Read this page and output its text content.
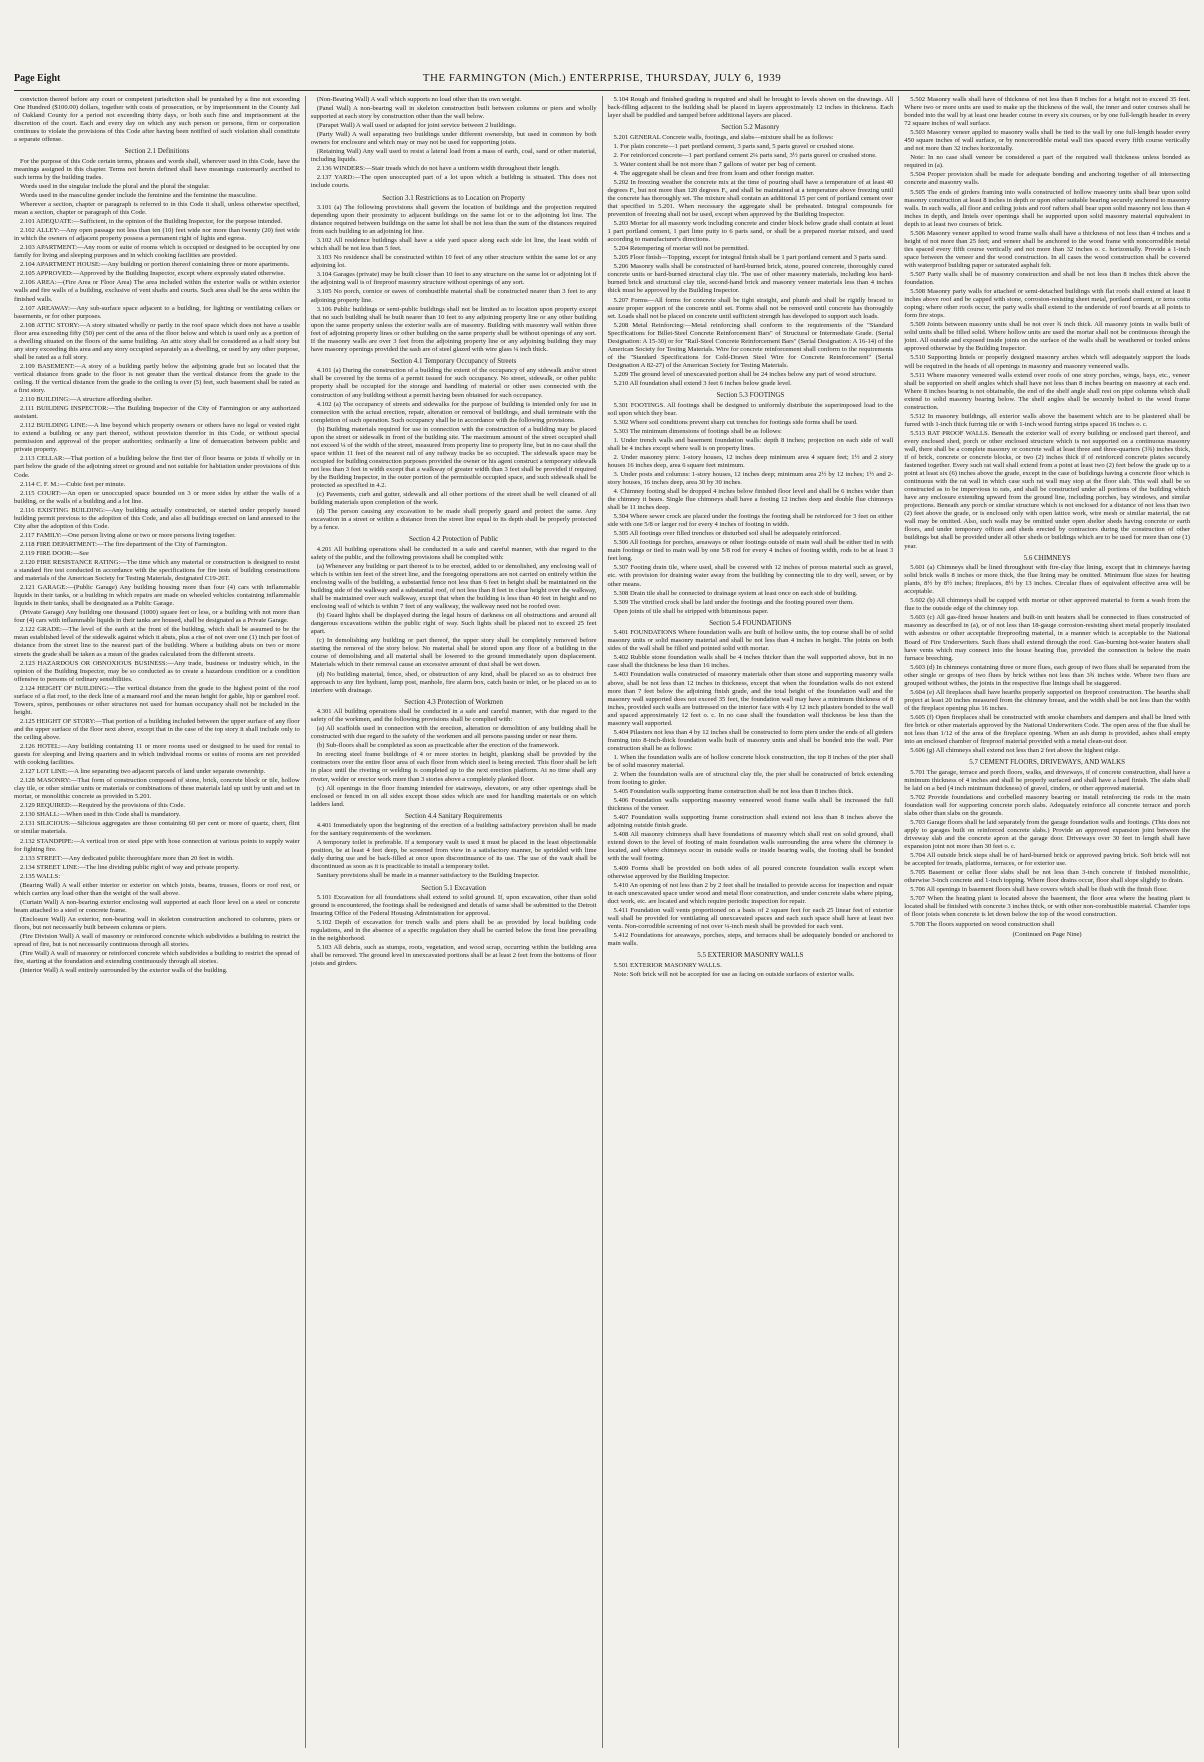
Page Eight	THE FARMINGTON (Mich.) ENTERPRISE, THURSDAY, JULY 6, 1939

conviction thereof before any court or competent jurisdiction shall be punished by a fine not exceeding One Hundred ($100.00) dollars, together with costs of prosecution, or by imprisonment in the County Jail of Oakland County for a period not exceeding thirty days, or both such fine and imprisonment at the discretion of the court. Each and every day on which any such person or persons, firm or corporation continues to violate the provisions of this Code after having been notified of such violation shall constitute a separate offense.

Section 2.1 Definitions

For the purpose of this Code certain terms, phrases and words shall, wherever used in this Code, have the meanings assigned in this chapter. Terms not herein defined shall have meanings customarily ascribed to such terms by the building trades.

Words used in the singular include the plural and the plural the singular.

Words used in the masculine gender include the feminine and the feminine the masculine.

Wherever a section, chapter or paragraph is referred to in this Code it shall, unless otherwise specified, mean a section, chapter or paragraph of this Code.

2.101 ADEQUATE:—Sufficient, in the opinion of the Building Inspector, for the purpose intended.

2.102 ALLEY:—Any open passage not less than ten (10) feet wide nor more than twenty (20) feet wide in which the owners of adjacent property possess a permanent right of lights and egress.

2.103 APARTMENT:—Any room or suite of rooms which is occupied or designed to be occupied by one family for living and sleeping purposes and in which cooking facilities are provided.

2.104 APARTMENT HOUSE:—Any building or portion thereof containing three or more apartments.

2.105 APPROVED:—Approved by the Building Inspector, except where expressly stated otherwise.

2.106 AREA:—(Fire Area or Floor Area) The area included within the exterior walls or within exterior walls and fire walls of a building, exclusive of vent shafts and courts. Such area shall be the area within the finished walls.

2.107 AREAWAY:—Any sub-surface space adjacent to a building, for lighting or ventilating cellars or basements, or for other purposes.

2.108 ATTIC STORY:—A story situated wholly or partly in the roof space which does not have a usable floor area exceeding fifty (50) per cent of the area of the floor below and which is used only as a portion of a dwelling situated on the floors of the same building. An attic story shall be considered as a half story but any story exceeding this area and any story occupied separately as a dwelling, or used by any other purpose, shall be rated as a full story.

2.109 BASEMENT:—A story of a building partly below the adjoining grade but so located that the vertical distance from grade to the floor is not greater than the vertical distance from the grade to the ceiling. If the vertical distance from the grade to the ceiling is over (5) feet, such basement shall be rated as a first story.

2.110 BUILDING:—A structure affording shelter.

2.111 BUILDING INSPECTOR:—The Building Inspector of the City of Farmington or any authorized assistant.

2.112 BUILDING LINE:—A line beyond which property owners or others have no legal or vested right to extend a building or any part thereof, without provision therefor in this Code, or without special permission and approval of the proper authorities; ordinarily a line of demarcation between public and private property.

2.113 CELLAR:—That portion of a building below the first tier of floor beams or joists if wholly or in part below the grade of the adjoining street or ground and not suitable for habitation under provisions of this Code.

2.114 C. F. M.:—Cubic feet per minute.

2.115 COURT:—An open or unoccupied space bounded on 3 or more sides by either the walls of a building, or the walls of a building and a lot line.

2.116 EXISTING BUILDING:—Any building actually constructed, or started under properly issued building permit previous to the adoption of this Code, and also all buildings erected on land annexed to the City after the adoption of this Code.

2.117 FAMILY:—One person living alone or two or more persons living together.

2.118 FIRE DEPARTMENT:—The fire department of the City of Farmington.

2.119 FIRE DOOR:—See

2.120 FIRE RESISTANCE RATING:—The time which any material or construction is designed to resist a standard fire test conducted in accordance with the specifications for fire tests of building constructions and materials of the American Society for Testing Materials, designated C19-26T.

2.121 GARAGE:—(Public Garage) Any building housing more than four (4) cars with inflammable liquids in their tanks, or a building in which repairs are made on wheeled vehicles containing inflammable liquids in their tanks, shall be designated as a Public Garage.

(Private Garage) Any building one thousand (1000) square feet or less, or a building with not more than four (4) cars with inflammable liquids in their tanks are housed, shall be designated as a Private Garage.

2.122 GRADE:—The level of the earth at the front of the building, which shall be assumed to be the mean established level of the sidewalk against which it abuts, plus a rise of not over one (1) inch per foot of distance from the street line to the nearest part of the building. Where a building abuts on two or more streets the grade shall be taken as a mean of the grades calculated from the different streets.

2.123 HAZARDOUS OR OBNOXIOUS BUSINESS:—Any trade, business or industry which, in the opinion of the Building Inspector, may be so conducted as to create a hazardous condition or a condition offensive to persons of ordinary sensibilities.

2.124 HEIGHT OF BUILDING:—The vertical distance from the grade to the highest point of the roof surface of a flat roof, to the deck line of a mansard roof and the mean height for gable, hip or gambrel roof. Towers, spires, penthouses or other structures not used for human occupancy shall not be included in the height.

2.125 HEIGHT OF STORY:—That portion of a building included between the upper surface of any floor and the upper surface of the floor next above, except that in the case of the top story it shall include only to the ceiling above.

2.126 HOTEL:—Any building containing 11 or more rooms used or designed to be used for rental to guests for sleeping and living quarters and in which individual rooms or suites of rooms are not provided with cooking facilities.

2.127 LOT LINE:—A line separating two adjacent parcels of land under separate ownership.

2.128 MASONRY:—That form of construction composed of stone, brick, concrete block or tile, hollow clay tile, or other similar units or materials or combinations of these materials laid up unit by unit and set in mortar, or monolithic concrete as provided in 5.201.

2.129 REQUIRED:—Required by the provisions of this Code.

2.130 SHALL:—When used in this Code shall is mandatory.

2.131 SILICIOUS:—Silicious aggregates are those containing 60 per cent or more of quartz, chert, flint or similar materials.

2.132 STANDPIPE:—A vertical iron or steel pipe with hose connection at various points to supply water for fighting fire.

2.133 STREET:—Any dedicated public thoroughfare more than 20 feet in width.

2.134 STREET LINE:—The line dividing public right of way and private property.

2.135 WALLS:

(Bearing Wall) A wall either interior or exterior on which joists, beams, trusses, floors or roof rest, or which carries any load other than the weight of the wall above.

(Curtain Wall) A non-bearing exterior enclosing wall supported at each floor level on a steel or concrete beam attached to a steel or concrete frame.

(Enclosure Wall) An exterior, non-bearing wall in skeleton construction anchored to columns, piers or floors, but not necessarily built between columns or piers.

(Fire Division Wall) A wall of masonry or reinforced concrete which subdivides a building to restrict the spread of fire, but is not necessarily continuous through all stories.

(Fire Wall) A wall of masonry or reinforced concrete which subdivides a building to restrict the spread of fire, starting at the foundation and extending continuously through all stories.

(Interior Wall) A wall entirely surrounded by the exterior walls of the building.

(Non-Bearing Wall) A wall which supports no load other than its own weight.

(Panel Wall) A non-bearing wall in skeleton construction built between columns or piers and wholly supported at each story by construction other than the wall below.

(Parapet Wall) A wall used or adapted for joint service between 2 buildings.

(Party Wall) A wall separating two buildings under different ownership, but used in common by both owners for enclosure and which may or may not be used for supporting joists.

(Retaining Wall) Any wall used to resist a lateral load from a mass of earth, coal, sand or other material, including liquids.

2.136 WINDERS:—Stair treads which do not have a uniform width throughout their length.

2.137 YARD:—The open unoccupied part of a lot upon which a building is situated. This does not include courts.

Section 3.1 Restrictions as to Location on Property

3.101 (a) The following provisions shall govern the location of buildings and the projection required depending upon their proximity to adjacent buildings on the same lot or to the adjoining lot line. The distance required between buildings on the same lot shall be not less than the sum of the distances required from each building to an adjoining lot line.

3.102 All residence buildings shall have a side yard space along each side lot line, the least width of which shall be not less than 5 feet.

3.103 No residence shall be constructed within 10 feet of any other structure within the same lot or any adjoining lot.

3.104 Garages (private) may be built closer than 10 feet to any structure on the same lot or adjoining lot if the adjoining wall is of fireproof masonry structure without openings of any sort.

3.105 No porch, cornice or eaves of combustible material shall be constructed nearer than 3 feet to any adjoining property line.

3.106 Public buildings or semi-public buildings shall not be limited as to location upon property except that no such building shall be built nearer than 10 feet to any adjoining property line or any other building upon the same property unless the exterior walls are of masonry. Building with masonry wall within three feet of adjoining property lines or other building on the same property shall be without openings of any sort. If the masonry walls are over 3 feet from the adjoining property line or any adjoining building they may have masonry openings provided the sash are of steel glazed with wire glass ¼ inch thick.

Section 4.1 Temporary Occupancy of Streets

4.101 (a) During the construction of a building the extent of the occupancy of any sidewalk and/or street shall be covered by the terms of a permit issued for such occupancy. No street, sidewalk, or other public property shall be occupied for the storage and handling of material or other uses connected with the construction of any building without a permit having been obtained for such occupancy.

4.102 (a) The occupancy of streets and sidewalks for the purpose of building is intended only for use in connection with the actual erection, repair, alteration or removal of buildings, and shall terminate with the completion of such operation. Such occupancy shall be in accordance with the following provisions.

(b) Building materials required for use in connection with the construction of a building may be placed upon the street or sidewalk in front of the building site. The maximum amount of the street occupied shall not exceed ¼ of the width of the street, measured from property line to property line, but in no case shall the space within 11 feet of the nearest rail of any railway tracks be so occupied. The sidewalk space may be occupied for building construction purposes provided the owner or his agent construct a temporary sidewalk not less than 3 feet in width except that a walkway of greater width than 3 feet shall be provided if required by the Building Inspector, in the outer portion of the permissible occupied space, and such sidewalk shall be protected as specified in 4.2.

(c) Pavements, curb and gutter, sidewalk and all other portions of the street shall be well cleaned of all building materials upon completion of the work.

(d) The person causing any excavation to be made shall properly guard and protect the same. Any excavation in a street or within a distance from the street line equal to its depth shall be properly protected by a fence.

Section 4.2 Protection of Public

4.201 All building operations shall be conducted in a safe and careful manner, with due regard to the safety of the public, and the following provisions shall be complied with:

(a) Whenever any building or part thereof is to be erected, added to or demolished, any enclosing wall of which is within ten feet of the street line, and the foregoing operations are not carried on entirely within the enclosing walls of the building, a substantial fence not less than 6 feet in height shall be maintained on the building side of the walkway and a substantial roof, of not less than 8 feet in clear height over the walkway, shall be maintained over such walkway, except that when the building is less than 40 feet in height and no enclosing wall of which is within 7 feet of any walkway, the walkway need not be roofed over.

(b) Guard lights shall be displayed during the legal hours of darkness on all obstructions and around all dangerous excavations within the public right of way. Such lights shall be placed not to exceed 25 feet apart.

(c) In demolishing any building or part thereof, the upper story shall be completely removed before starting the removal of the story below. No material shall be stored upon any floor of a building in the course of demolishing and all material shall be lowered to the ground immediately upon displacement. Materials which in their removal cause an excessive amount of dust shall be wet down.

(d) No building material, fence, shed, or obstruction of any kind, shall be placed so as to obstruct free approach to any fire hydrant, lamp post, manhole, fire alarm box, catch basin or inlet, or be placed so as to interfere with drainage.

Section 4.3 Protection of Workmen

4.301 All building operations shall be conducted in a safe and careful manner, with due regard to the safety of the workmen, and the following provisions shall be complied with:

(a) All scaffolds used in connection with the erection, alteration or demolition of any building shall be constructed with due regard to the safety of the workmen and all persons passing under or near them.

(b) Sub-floors shall be completed as soon as practicable after the erection of the framework.

In erecting steel frame buildings of 4 or more stories in height, planking shall be provided by the contractors over the entire floor area of each floor from which steel is being erected. This floor shall be left in place until the riveting or welding is completed up to the next erection platform. At no time shall any riveter, welder or erector work more than 3 stories above a completely planked floor.

(c) All openings in the floor framing intended for stairways, elevators, or any other openings shall be enclosed or fenced in on all sides except those sides which are used for handling materials or on which ladders land.

Section 4.4 Sanitary Requirements

4.401 Immediately upon the beginning of the erection of a building satisfactory provision shall be made for the sanitary requirements of the workmen.

A temporary toilet is preferable. If a temporary vault is used it must be placed in the least objectionable position, be at least 4 feet deep, be screened from view in a satisfactory manner, be sprinkled with lime daily during use and be back-filled at once upon discontinuance of its use. The use of the vault shall be discontinued as soon as it is practicable to install a temporary toilet.

Sanitary provisions shall be made in a manner satisfactory to the Building Inspector.

Section 5.1 Excavation

5.101 Excavation for all foundations shall extend to solid ground. If, upon excavation, other than solid ground is encountered, the footings shall be redesigned and details of same shall be submitted to the Detroit Insuring Office of the Federal Housing Administration for approval.

5.102 Depth of excavation for trench walls and piers shall be as provided by local building code regulations, and in the absence of a specific regulation they shall be carried below the frost line prevailing in the neighborhood.

5.103 All debris, such as stumps, roots, vegetation, and wood scrap, occurring within the building area shall be removed. The ground level in unexcavated portions shall be at least 2 feet from the bottoms of floor joists and girders.

5.104 Rough and finished grading is required and shall be brought to levels shown on the drawings. All back-filling adjacent to the building shall be placed in layers approximately 12 inches in thickness. Each layer shall be puddled and tamped before additional layers are placed.

Section 5.2 Masonry

5.201 GENERAL Concrete walls, footings, and slabs—mixture shall be as follows:

1. For plain concrete—1 part portland cement, 3 parts sand, 5 parts gravel or crushed stone.

2. For reinforced concrete—1 part portland cement 2¼ parts sand, 3½ parts gravel or crushed stone.

3. Water content shall be not more than 7 gallons of water per bag of cement.

4. The aggregate shall be clean and free from loam and other foreign matter.

5.202 In freezing weather the concrete mix at the time of pouring shall have a temperature of at least 40 degrees F., but not more than 120 degrees F., and shall be maintained at a temperature above freezing until the concrete has thoroughly set. The mixture shall contain an additional 15 per cent of portland cement over that specified in 5.201. When necessary the aggregate shall be preheated. Integral compounds for prevention of freezing shall not be used, except when approved by the Building Inspector.

5.203 Mortar for all masonry work including concrete and cinder block below grade shall contain at least 1 part portland cement, 1 part lime putty to 6 parts sand, or shall be a prepared mortar mixed, and used according to manufacturer's directions.

5.204 Retempering of mortar will not be permitted.

5.205 Floor finish—Topping, except for integral finish shall be 1 part portland cement and 3 parts sand.

5.206 Masonry walls shall be constructed of hard-burned brick, stone, poured concrete, thoroughly cured concrete units or hard-burned structural clay tile. The use of other masonry materials, including less hard-burned brick and structural clay tile, second-hand brick and masonry veneer materials less than 4 inches thick must be approved by the Building Inspector.

5.207 Forms—All forms for concrete shall be tight straight, and plumb and shall be rigidly braced to assure proper support of the concrete until set. Forms shall not be removed until concrete has thoroughly set. Loads shall not be placed on concrete until sufficient strength has developed to support such loads.

5.208 Metal Reinforcing:—Metal reinforcing shall conform to the requirements of the "Standard Specifications for Billet-Steel Concrete Reinforcement Bars" of Structural or Intermediate Grade. (Serial Designation: A 15-30) or for "Rail-Steel Concrete Reinforcement Bars" (Serial Designation: A 16-14) of the American Society for Testing Materials. Wire for concrete reinforcement shall conform to the requirements of the "Standard Specifications for Cold-Drawn Steel Wire for Concrete Reinforcement" (Serial Designation A 82-27) of the American Society for Testing Materials.

5.209 The ground level of unexcavated portion shall be 24 inches below any part of wood structure.

5.210 All foundation shall extend 3 feet 6 inches below grade level.

Section 5.3 FOOTINGS

5.301 FOOTINGS. All footings shall be designed to uniformly distribute the superimposed load to the soil upon which they bear.

5.302 Where soil conditions prevent sharp cut trenches for footings side forms shall be used.

5.303 The minimum dimensions of footings shall be as follows:

1. Under trench walls and basement foundation walls: depth 8 inches; projection on each side of wall shall be 4 inches except where wall is on property lines.

2. Under masonry piers: 1-story houses, 12 inches deep minimum area 4 square feet; 1½ and 2 story houses 16 inches deep, area 6 square feet minimum.

3. Under posts and columns: 1-story houses, 12 inches deep; minimum area 2½ by 12 inches; 1½ and 2-story houses, 16 inches deep, area 30 by 30 inches.

4. Chimney footing shall be dropped 4 inches below finished floor level and shall be 6 inches wider than the chimney it bears. Single flue chimneys shall have a footing 12 inches deep and double flue chimneys shall be 11 inches deep.

5.304 Where sewer crock are placed under the footings the footing shall be reinforced for 3 feet on either side with one 5/8 or larger rod for every 4 inches of footing in width.

5.305 All footings over filled trenches or disturbed soil shall be adequately reinforced.

5.306 All footings for porches, areaways or other footings outside of main wall shall be either tied in with main footings or tied to main wall by one 5/8 rod for every 4 inches of footing width, rods to be at least 3 feet long.

5.307 Footing drain tile, where used, shall be covered with 12 inches of porous material such as gravel, etc. with provision for draining water away from the building by connecting tile to dry well, sewer, or by other means.

5.308 Drain tile shall be connected to drainage system at least once on each side of building.

5.309 The vitrified crock shall be laid under the footings and the footing poured over them.

Open joints of tile shall be stripped with bituminous paper.

Section 5.4 FOUNDATIONS

5.401 FOUNDATIONS Where foundation walls are built of hollow units, the top course shall be of solid masonry units or solid masonry material and shall be not less than 4 inches in height. The joints on both sides of the wall shall be filled and pointed solid with mortar.

5.402 Rubble stone foundation walls shall be 4 inches thicker than the wall supported above, but in no case shall the thickness be less than 16 inches.

5.403 Foundation walls constructed of masonry materials other than stone and supporting masonry walls above, shall be not less than 12 inches in thickness, except that when the foundation walls do not extend more than 7 feet below the adjoining finish grade, and the total height of the foundation wall and the masonry wall supported does not exceed 35 feet, the foundation wall may have a minimum thickness of 8 inches, provided such walls are buttressed on the interior face with 4 by 12 inch pilasters bonded to the wall and spaced approximately 12 feet o. c. In no case shall the foundation wall thickness be less than the masonry wall supported.

5.404 Pilasters not less than 4 by 12 inches shall be constructed to form piers under the ends of all girders framing into 8-inch-thick foundation walls built of masonry units and shall be bonded into the wall. Pier construction shall be as follows:

1. When the foundation walls are of hollow concrete block construction, the top 8 inches of the pier shall be of solid masonry material.

2. When the foundation walls are of structural clay tile, the pier shall be constructed of brick extending from footing to girder.

5.405 Foundation walls supporting frame construction shall be not less than 8 inches thick.

5.406 Foundation walls supporting masonry veneered wood frame walls shall be increased the full thickness of the veneer.

5.407 Foundation walls supporting frame construction shall extend not less than 8 inches above the adjoining outside finish grade.

5.408 All masonry chimneys shall have foundations of masonry which shall rest on solid ground, shall extend down to the level of footing of main foundation walls surrounding the area where the chimney is located, and where chimneys occur in outside walls or inside bearing walls, the footing shall be bonded with the wall footing.

5.409 Forms shall be provided on both sides of all poured concrete foundation walls except when otherwise approved by the Building Inspector.

5.410 An opening of not less than 2 by 2 feet shall be installed to provide access for inspection and repair in each unexcavated space under wood and metal floor construction, and under concrete slabs where piping, duct work, etc. are located and which require periodic inspection for repair.

5.411 Foundation wall vents proportioned on a basis of 2 square feet for each 25 linear feet of exterior wall shall be provided for ventilating all unexcavated spaces and each such space shall have at least two vents. Non-corrodible screening of not over ¼-inch mesh shall be provided for each vent.

5.412 Foundations for areaways, porches, steps, and terraces shall be adequately bonded or anchored to main walls.

5.5 EXTERIOR MASONRY WALLS

5.501 EXTERIOR MASONRY WALLS.

Note: Soft brick will not be accepted for use as facing on outside surfaces of exterior walls.

5.502 Masonry walls shall have of thickness of not less than 8 inches for a height not to exceed 35 feet. Where two or more units are used to make up the thickness of the wall, the inner and outer courses shall be bonded into the wall by at least one header course in every six courses, or by one full-length header in every 72 square inches of wall surface.

5.503 Masonry veneer applied to masonry walls shall be tied to the wall by one full-length header every 450 square inches of wall surface, or by noncorrodible metal wall ties spaced every fifth course vertically and not more than 32 inches horizontally.

Note: In no case shall veneer be considered a part of the required wall thickness unless bonded as required in (a).

5.504 Proper provision shall be made for adequate bonding and anchoring together of all intersecting concrete and masonry walls.

5.505 The ends of girders framing into walls constructed of hollow masonry units shall bear upon solid masonry construction at least 8 inches in depth or upon other suitable bearing securely anchored to masonry walls. In such walls, all floor and ceiling joists and roof rafters shall bear upon solid masonry not less than 4 inches in depth, and lintels over openings shall be supported upon solid masonry material equivalent in depth to at least two courses of brick.

5.506 Masonry veneer applied to wood frame walls shall have a thickness of not less than 4 inches and a height of not more than 25 feet; and veneer shall be anchored to the wood frame with noncorrodible metal ties spaced every fifth course vertically and not more than 32 inches o. c. horizontally. Provide a 1-inch space between the veneer and the wood construction. In all cases the wood construction shall be covered with waterproof building paper or saturated asphalt felt.

5.507 Party walls shall be of masonry construction and shall be not less than 8 inches thick above the foundation.

5.508 Masonry party walls for attached or semi-detached buildings with flat roofs shall extend at least 8 inches above roof and be capped with stone, corrosion-resisting sheet metal, portland cement, or terra cotta coping; where other roofs occur, the party walls shall extend to the underside of roof boards at all points to form fire stops.

5.509 Joints between masonry units shall be not over ¾ inch thick. All masonry joints in walls built of solid units shall be filled solid. Where hollow units are used the mortar shall not be continuous through the joint. All outside and exposed inside joints on the surface of the walls shall be weathered or tooled unless approved otherwise by the Building Inspector.

5.510 Supporting lintels or properly designed masonry arches which will adequately support the loads will be required in the heads of all openings in masonry and masonry veneered walls.

5.511 Where masonry veneered walls extend over roofs of one story porches, wings, bays, etc., veneer shall be supported on shelf angles which shall have not less than 8 inches bearing on masonry at each end. Where 8 inches bearing is not obtainable, the end of the shelf angle shall rest on pipe columns which shall extend to solid masonry bearing below. The shelf angles shall be securely bolted to the wood frame construction.

5.512 In masonry buildings, all exterior walls above the basement which are to be plastered shall be furred with 1-inch thick furring tile or with 1-inch wood furring strips spaced 16 inches o. c.

5.513 RAT PROOF WALLS. Beneath the exterior wall of every building or enclosed part thereof, and every enclosed shed, porch or other enclosed structure which is not supported on a continuous masonry wall, there shall be a complete masonry or concrete wall at least three and three-quarters (3¾) inches thick, if of brick, concrete or concrete blocks, or two (2) inches thick if of reinforced concrete plates securely fastened together. Every such rat wall shall extend from a point at least two (2) feet below the grade up to a point at least six (6) inches above the grade, except in the case of buildings having a concrete floor which is continuous with the rat wall in which case such rat wall may stop at the floor slab. This wall shall be so constructed as to be impervious to rats, and shall be constructed under all portions of the building which have any enclosure extending upward from the ground line, including porches, bay windows, and similar projections. Beneath any porch or similar structure which is not enclosed for a distance of not less than two (2) feet above the grade, or is enclosed only with open lattice work, wire mesh or similar material, the rat wall may be omitted. Also, such walls may be omitted under open shelter sheds having concrete or earth floors, and under temporary offices and sheds erected by contractors during the construction of other buildings but shall be provided under all other sheds or buildings which are to be used for more than one (1) year.

5.6 CHIMNEYS

5.601 (a) Chimneys shall be lined throughout with fire-clay flue lining, except that in chimneys having solid brick walls 8 inches or more thick, the flue lining may be omitted. Minimum flue sizes for heating plants, 8½ by 8½ inches; fireplaces, 8½ by 13 inches. Circular flues of equivalent effective area will be acceptable.

5.602 (b) All chimneys shall be capped with mortar or other approved material to form a wash from the flue to the outside edge of the chimney top.

5.603 (c) All gas-fired house heaters and built-in unit heaters shall be connected to flues constructed of masonry as described in (a), or of not less than 18-gauge corrosion-resisting sheet metal properly insulated with asbestos or other acceptable fireproofing material, in a manner which is acceptable to the National Board of Fire Underwriters. Such flues shall extend through the roof. Gas-burning hot-water heaters shall have vents which may connect into the house heating flue, provided the connection is below the main furnace breeching.

5.603 (d) In chimneys containing three or more flues, each group of two flues shall be separated from the other single or groups of two flues by brick withes not less than 3¾ inches wide. Where two flues are grouped without withes, the joints in the respective flue linings shall be staggered.

5.604 (e) All fireplaces shall have hearths properly supported on fireproof construction. The hearths shall project at least 20 inches measured from the chimney breast, and the width shall be not less than the width of the fireplace opening plus 16 inches.

5.605 (f) Open fireplaces shall be constructed with smoke chambers and dampers and shall be lined with fire brick or other materials approved by the National Underwriters Code. The open area of the flue shall be not less than 1/12 of the area of the fireplace opening. When an ash dump is provided, ashes shall empty into an enclosed chamber of fireproof material provided with a metal clean-out door.

5.606 (g) All chimneys shall extend not less than 2 feet above the highest ridge.

5.7 CEMENT FLOORS, DRIVEWAYS, AND WALKS

5.701 The garage, terrace and porch floors, walks, and driveways, if of concrete construction, shall have a minimum thickness of 4 inches and shall be properly surfaced and shall have a hard finish. The slabs shall be laid on a bed (4 inch minimum thickness) of gravel, cinders, or other approved material.

5.702 Provide foundations and corbelled masonry bearing or install reinforcing tie rods in the main foundation wall for supporting concrete porch slabs. Adequately reinforce all concrete terrace and porch slabs other than slabs on the grounds.

5.703 Garage floors shall be laid separately from the garage foundation walls and footings. (This does not apply to garages built on reinforced concrete slabs.) Provide an approved expansion joint between the driveway slab and the concrete apron at the garage door. Driveways over 30 feet in length shall have expansion joint not more than 30 feet o. c.

5.704 All outside brick steps shall be of hard-burned brick or approved paving brick. Soft brick will not be accepted for treads, platforms, terraces, or for exterior use.

5.705 Basement or cellar floor slabs shall be not less than 3-inch concrete if finished monolithic, otherwise 3-inch concrete and 1-inch topping. Where floor drains occur, floor shall slope slightly to drain.

5.706 All openings in basement floors shall have covers which shall be flush with the finish floor.

5.707 When the heating plant is located above the basement, the floor area where the heating plant is located shall be finished with concrete 3 inches thick, or with other non-combustible material. Chamfer tops of floor joists when concrete is let down below the top of the wood construction.

5.708 The floors supported on wood construction shall

(Continued on Page Nine)
